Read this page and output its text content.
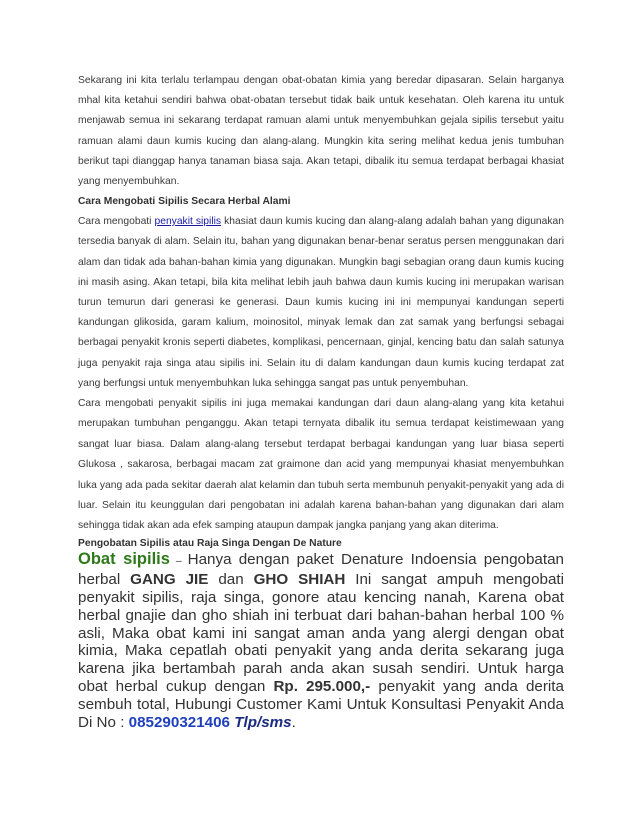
Sekarang ini kita terlalu terlampau dengan obat-obatan kimia yang beredar dipasaran. Selain harganya mhal kita ketahui sendiri bahwa obat-obatan tersebut tidak baik untuk kesehatan. Oleh karena itu untuk menjawab semua ini sekarang terdapat ramuan alami untuk menyembuhkan gejala sipilis tersebut yaitu ramuan alami daun kumis kucing dan alang-alang. Mungkin kita sering melihat kedua jenis tumbuhan berikut tapi dianggap hanya tanaman biasa saja. Akan tetapi, dibalik itu semua terdapat berbagai khasiat yang menyembuhkan.

Cara Mengobati Sipilis Secara Herbal Alami

Cara mengobati penyakit sipilis khasiat daun kumis kucing dan alang-alang adalah bahan yang digunakan tersedia banyak di alam. Selain itu, bahan yang digunakan benar-benar seratus persen menggunakan dari alam dan tidak ada bahan-bahan kimia yang digunakan. Mungkin bagi sebagian orang daun kumis kucing ini masih asing. Akan tetapi, bila kita melihat lebih jauh bahwa daun kumis kucing ini merupakan warisan turun temurun dari generasi ke generasi. Daun kumis kucing ini ini mempunyai kandungan seperti kandungan glikosida, garam kalium, moinositol, minyak lemak dan zat samak yang berfungsi sebagai berbagai penyakit kronis seperti diabetes, komplikasi, pencernaan, ginjal, kencing batu dan salah satunya juga penyakit raja singa atau sipilis ini. Selain itu di dalam kandungan daun kumis kucing terdapat zat yang berfungsi untuk menyembuhkan luka sehingga sangat pas untuk penyembuhan.

Cara mengobati penyakit sipilis ini juga memakai kandungan dari daun alang-alang yang kita ketahui merupakan tumbuhan penganggu. Akan tetapi ternyata dibalik itu semua terdapat keistimewaan yang sangat luar biasa. Dalam alang-alang tersebut terdapat berbagai kandungan yang luar biasa seperti Glukosa , sakarosa, berbagai macam zat graimone dan acid yang mempunyai khasiat menyembuhkan luka yang ada pada sekitar daerah alat kelamin dan tubuh serta membunuh penyakit-penyakit yang ada di luar. Selain itu keunggulan dari pengobatan ini adalah karena bahan-bahan yang digunakan dari alam sehingga tidak akan ada efek samping ataupun dampak jangka panjang yang akan diterima.

Pengobatan Sipilis atau Raja Singa Dengan De Nature

Obat sipilis – Hanya dengan paket Denature Indoensia pengobatan herbal GANG JIE dan GHO SHIAH Ini sangat ampuh mengobati penyakit sipilis, raja singa, gonore atau kencing nanah, Karena obat herbal gnajie dan gho shiah ini terbuat dari bahan-bahan herbal 100 % asli, Maka obat kami ini sangat aman anda yang alergi dengan obat kimia, Maka cepatlah obati penyakit yang anda derita sekarang juga karena jika bertambah parah anda akan susah sendiri. Untuk harga obat herbal cukup dengan Rp. 295.000,- penyakit yang anda derita sembuh total, Hubungi Customer Kami Untuk Konsultasi Penyakit Anda Di No : 085290321406 Tlp/sms.
